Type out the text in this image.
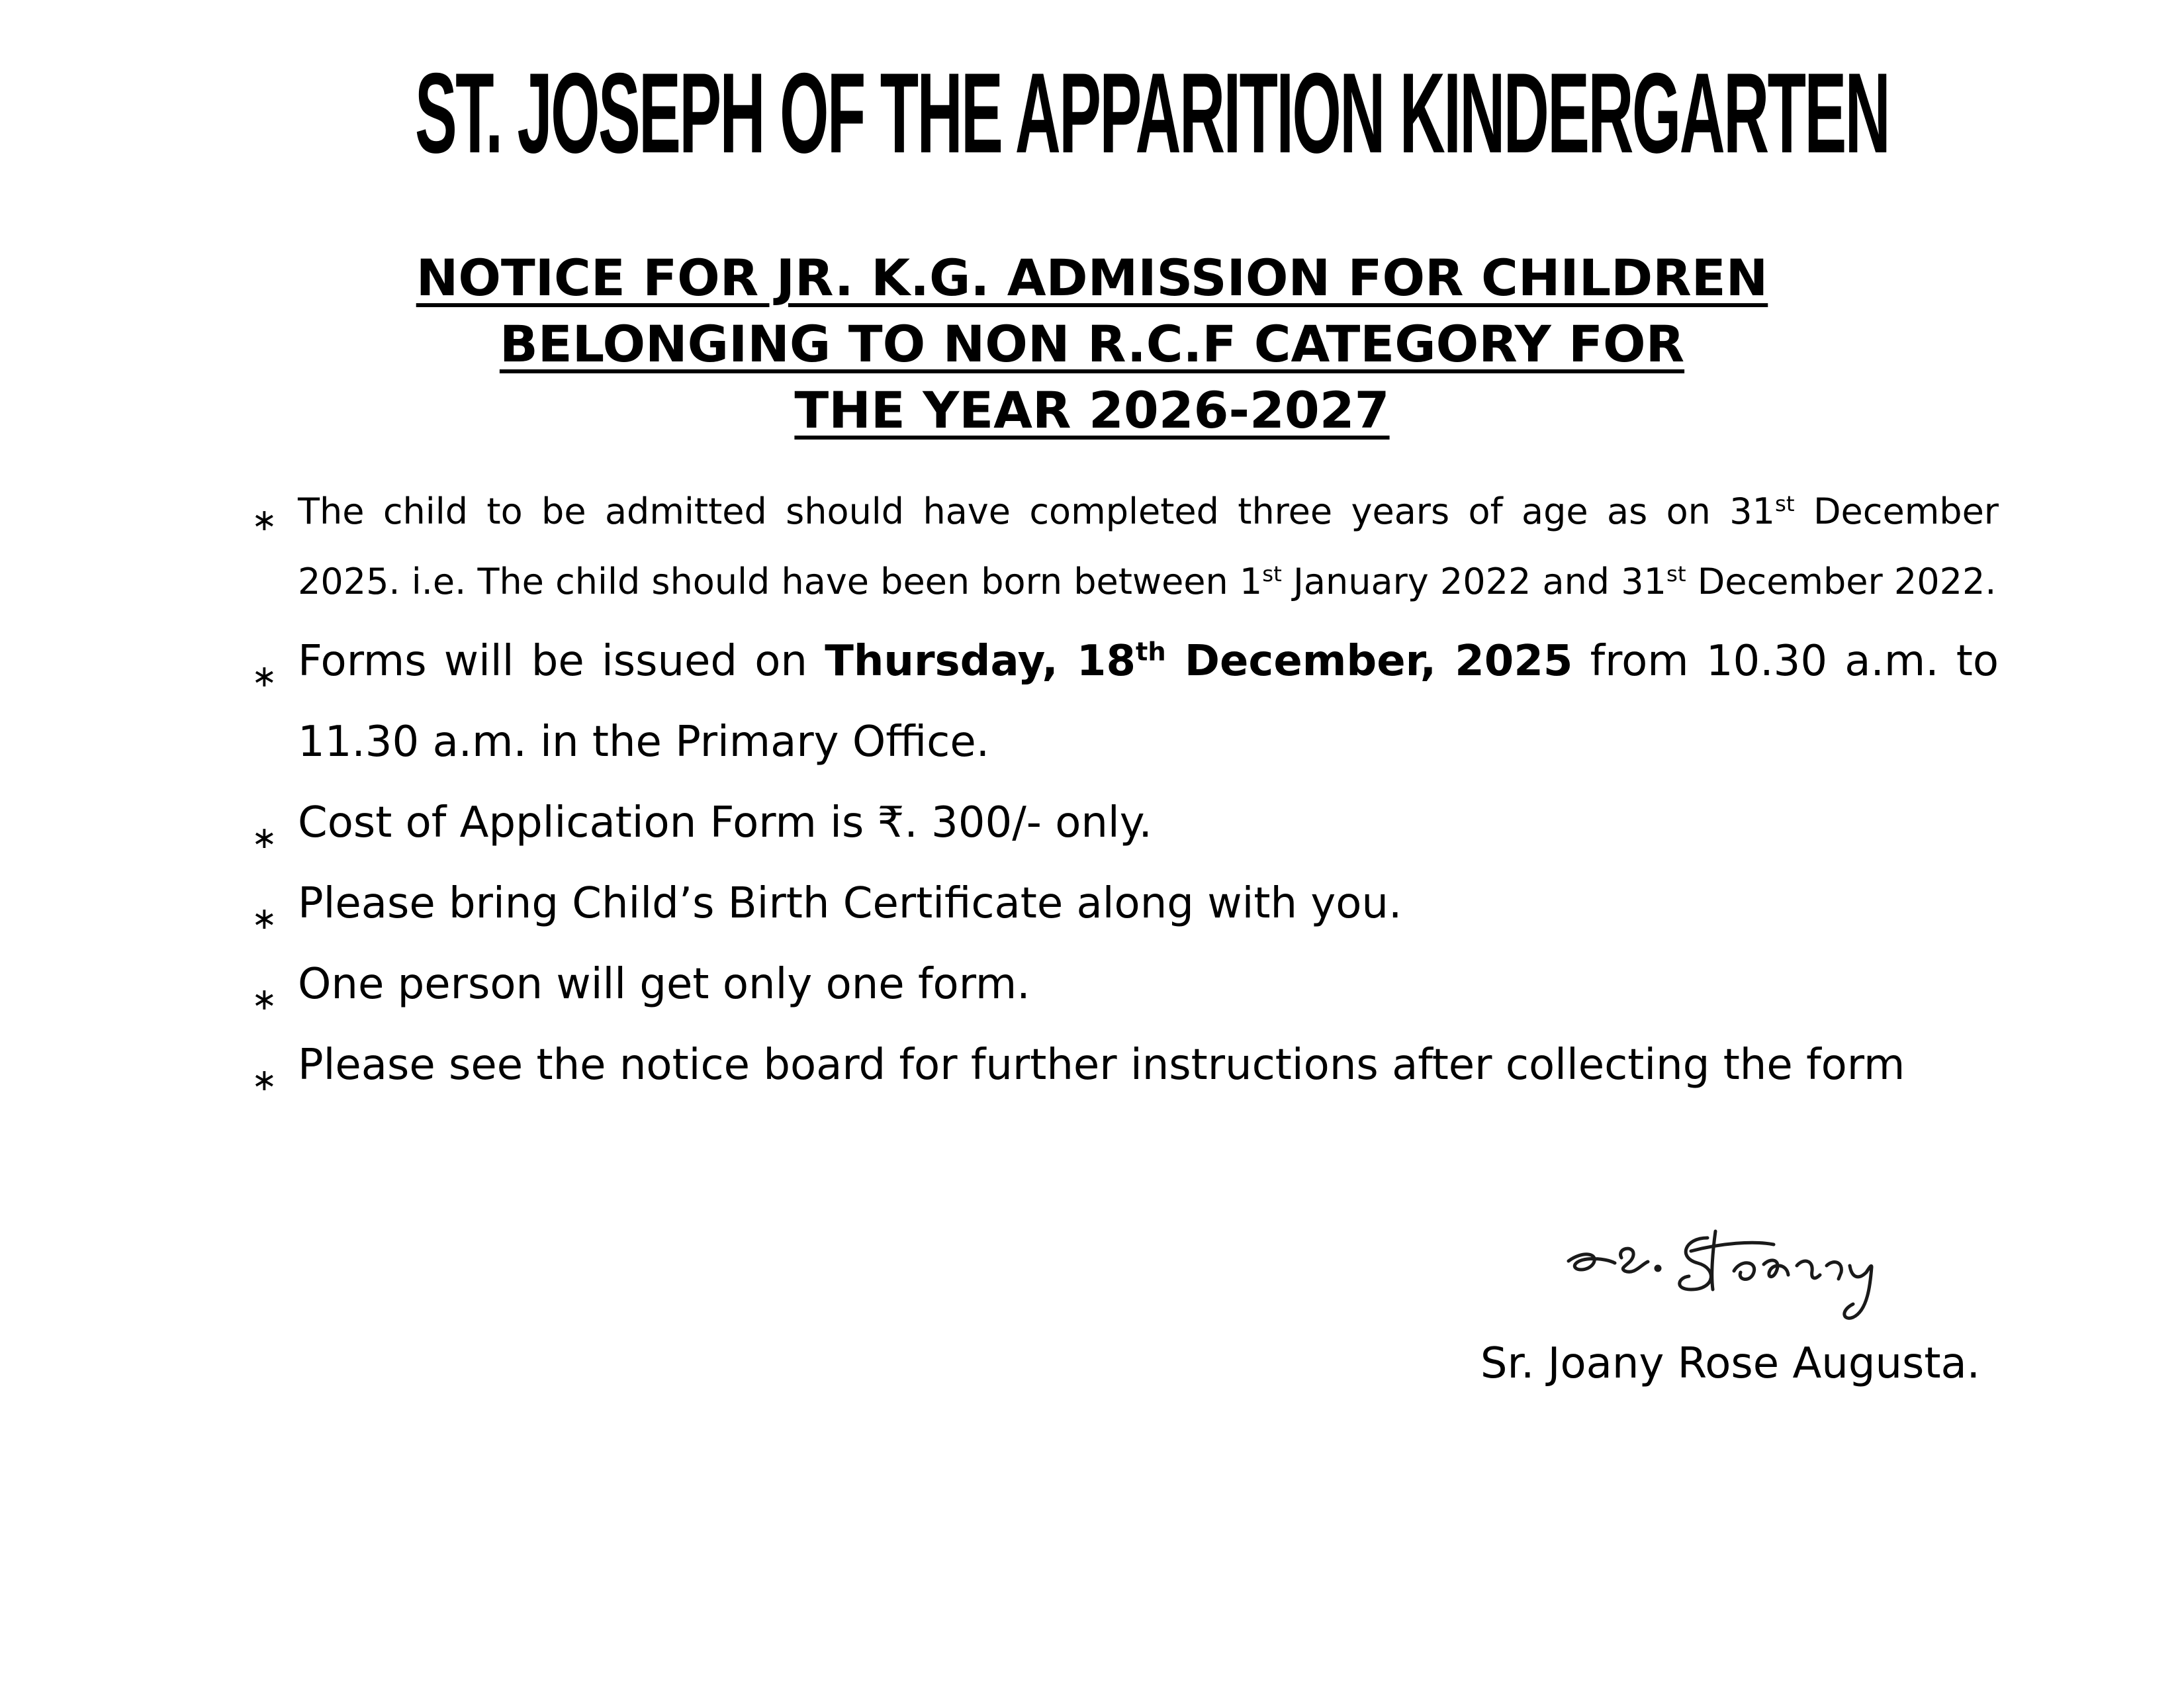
ST. JOSEPH OF THE APPARITION KINDERGARTEN
NOTICE FOR JR. K.G. ADMISSION FOR CHILDREN
BELONGING TO NON R.C.F CATEGORY FOR
THE YEAR 2026-2027
∗ The child to be admitted should have completed three years of age as on 31st December 2025. i.e. The child should have been born between 1st January 2022 and 31st December 2022.
∗ Forms will be issued on Thursday, 18th December, 2025 from 10.30 a.m. to 11.30 a.m. in the Primary Office.
∗ Cost of Application Form is ₹. 300/- only.
∗ Please bring Child’s Birth Certificate along with you.
∗ One person will get only one form.
∗ Please see the notice board for further instructions after collecting the form
S. Joany
Sr. Joany Rose Augusta.
